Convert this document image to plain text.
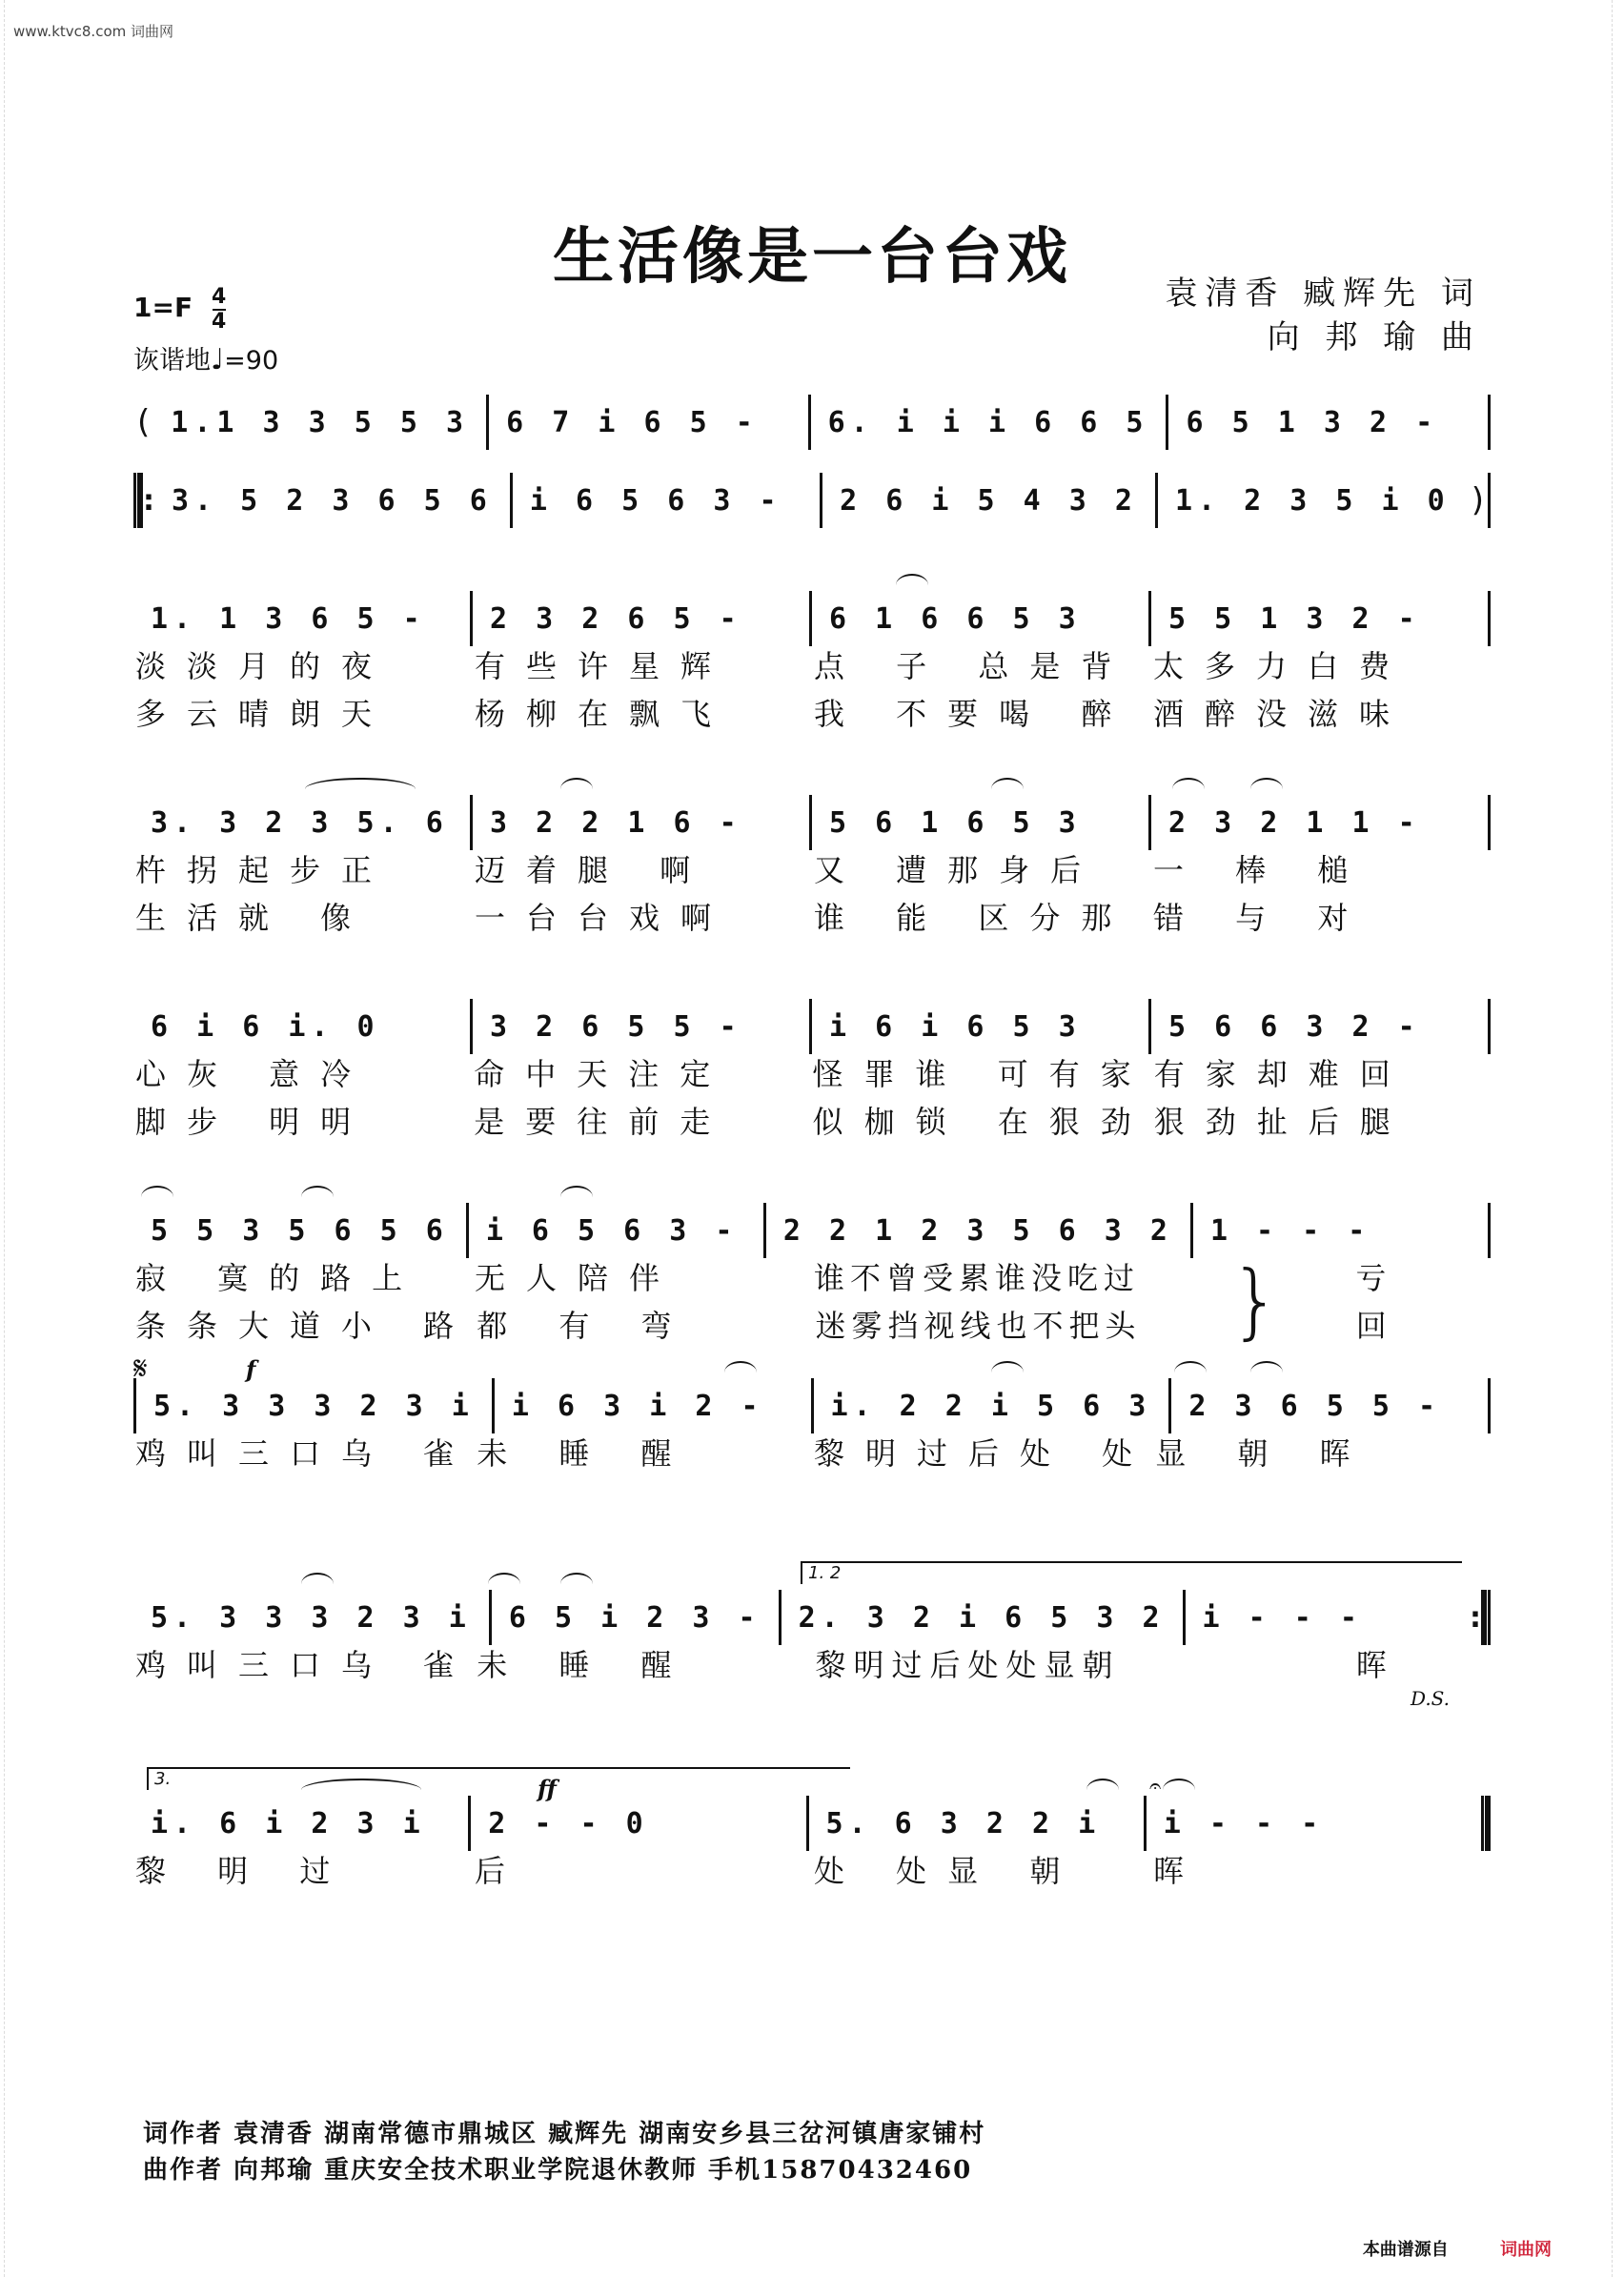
www.ktvc8.com 词曲网
生活像是一台台戏
袁清香 臧辉先 词
向 邦 瑜 曲
1=F 4
4
诙谐地♩=90
( 1.1 3 3 5 5 3	6 7 i 6 5 -	6. i i i 6 6 5	6 5 1 3 2 -
: 3. 5 2 3 6 5 6	i 6 5 6 3 -	2 6 i 5 4 3 2	1. 2 3 5 i 0 )
1. 1 3 6 5 -	2 3 2 6 5 -	6 1 6 6 5 3	5 5 1 3 2 -
淡淡月的夜	有些许星辉	点 子 总是背 太多力白费
多云晴朗天	杨柳在飘飞	我 不要喝 醉 酒醉没滋味
3. 3 2 3 5. 6	3 2 2 1 6 -	5 6 1 6 5 3	2 3 2 1 1 -
杵拐起步正	迈着腿 啊	又 遭那身后	一 棒 槌
生活就 像	一台台戏啊	谁 能 区分那 错 与 对
6 i 6 i. 0	3 2 6 5 5 -	i 6 i 6 5 3	5 6 6 3 2 -
心灰 意冷	命中天注定	怪罪谁 可有家 有家却难回
脚步 明明	是要往前走	似枷锁 在狠劲 狠劲扯后腿
5 5 3 5 6 5 6	i 6 5 6 3 -	2 2 1 2 3 5 6 3 2	1 - - -
寂 寞的路上	无人陪伴	谁不曾受累谁没吃过	亏
条条大道小 路 都 有 弯	迷雾挡视线也不把头	回
}
𝄋	f
5. 3 3 3 2 3 i	i 6 3 i 2 -	i. 2 2 i 5 6 3	2 3 6 5 5 -
鸡叫三口乌 雀 未 睡 醒	黎明过后处 处 显 朝 晖
1. 2
5. 3 3 3 2 3 i	6 5 i 2 3 -	2. 3 2 i 6 5 3 2	i - - -	:
鸡叫三口乌 雀 未 睡 醒	黎明过后处处显朝	晖
D.S.
3.	ff	𝄐
i. 6 i 2 3 i	2 - - 0	5. 6 3 2 2 i	i - - -
黎 明 过	后	处 处显 朝	晖
词作者 袁清香 湖南常德市鼎城区 臧辉先 湖南安乡县三岔河镇唐家铺村
曲作者 向邦瑜 重庆安全技术职业学院退休教师 手机15870432460
本曲谱源自	词曲网
